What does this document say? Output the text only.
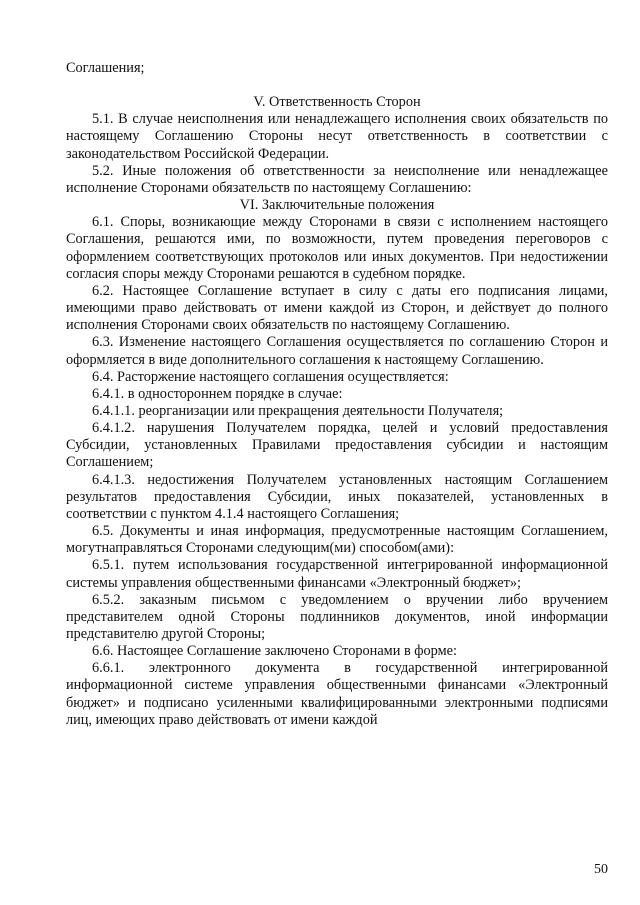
Соглашения;

V. Ответственность Сторон

5.1. В случае неисполнения или ненадлежащего исполнения своих обязательств по настоящему Соглашению Стороны несут ответственность в соответствии с законодательством Российской Федерации.

5.2. Иные положения об ответственности за неисполнение или ненадлежащее исполнение Сторонами обязательств по настоящему Соглашению:

VI. Заключительные положения

6.1. Споры, возникающие между Сторонами в связи с исполнением настоящего Соглашения, решаются ими, по возможности, путем проведения переговоров с оформлением соответствующих протоколов или иных документов. При недостижении согласия споры между Сторонами решаются в судебном порядке.

6.2. Настоящее Соглашение вступает в силу с даты его подписания лицами, имеющими право действовать от имени каждой из Сторон, и действует до полного исполнения Сторонами своих обязательств по настоящему Соглашению.

6.3. Изменение настоящего Соглашения осуществляется по соглашению Сторон и оформляется в виде дополнительного соглашения к настоящему Соглашению.

6.4. Расторжение настоящего соглашения осуществляется:

6.4.1. в одностороннем порядке в случае:

6.4.1.1. реорганизации или прекращения деятельности Получателя;

6.4.1.2. нарушения Получателем порядка, целей и условий предоставления Субсидии, установленных Правилами предоставления субсидии и настоящим Соглашением;

6.4.1.3. недостижения Получателем установленных настоящим Соглашением результатов предоставления Субсидии, иных показателей, установленных в соответствии с пунктом 4.1.4 настоящего Соглашения;

6.5. Документы и иная информация, предусмотренные настоящим Соглашением, могутнаправляться Сторонами следующим(ми) способом(ами):

6.5.1. путем использования государственной интегрированной информационной системы управления общественными финансами «Электронный бюджет»;

6.5.2. заказным письмом с уведомлением о вручении либо вручением представителем одной Стороны подлинников документов, иной информации представителю другой Стороны;

6.6. Настоящее Соглашение заключено Сторонами в форме:

6.6.1. электронного документа в государственной интегрированной информационной системе управления общественными финансами «Электронный бюджет» и подписано усиленными квалифицированными электронными подписями лиц, имеющих право действовать от имени каждой

50
